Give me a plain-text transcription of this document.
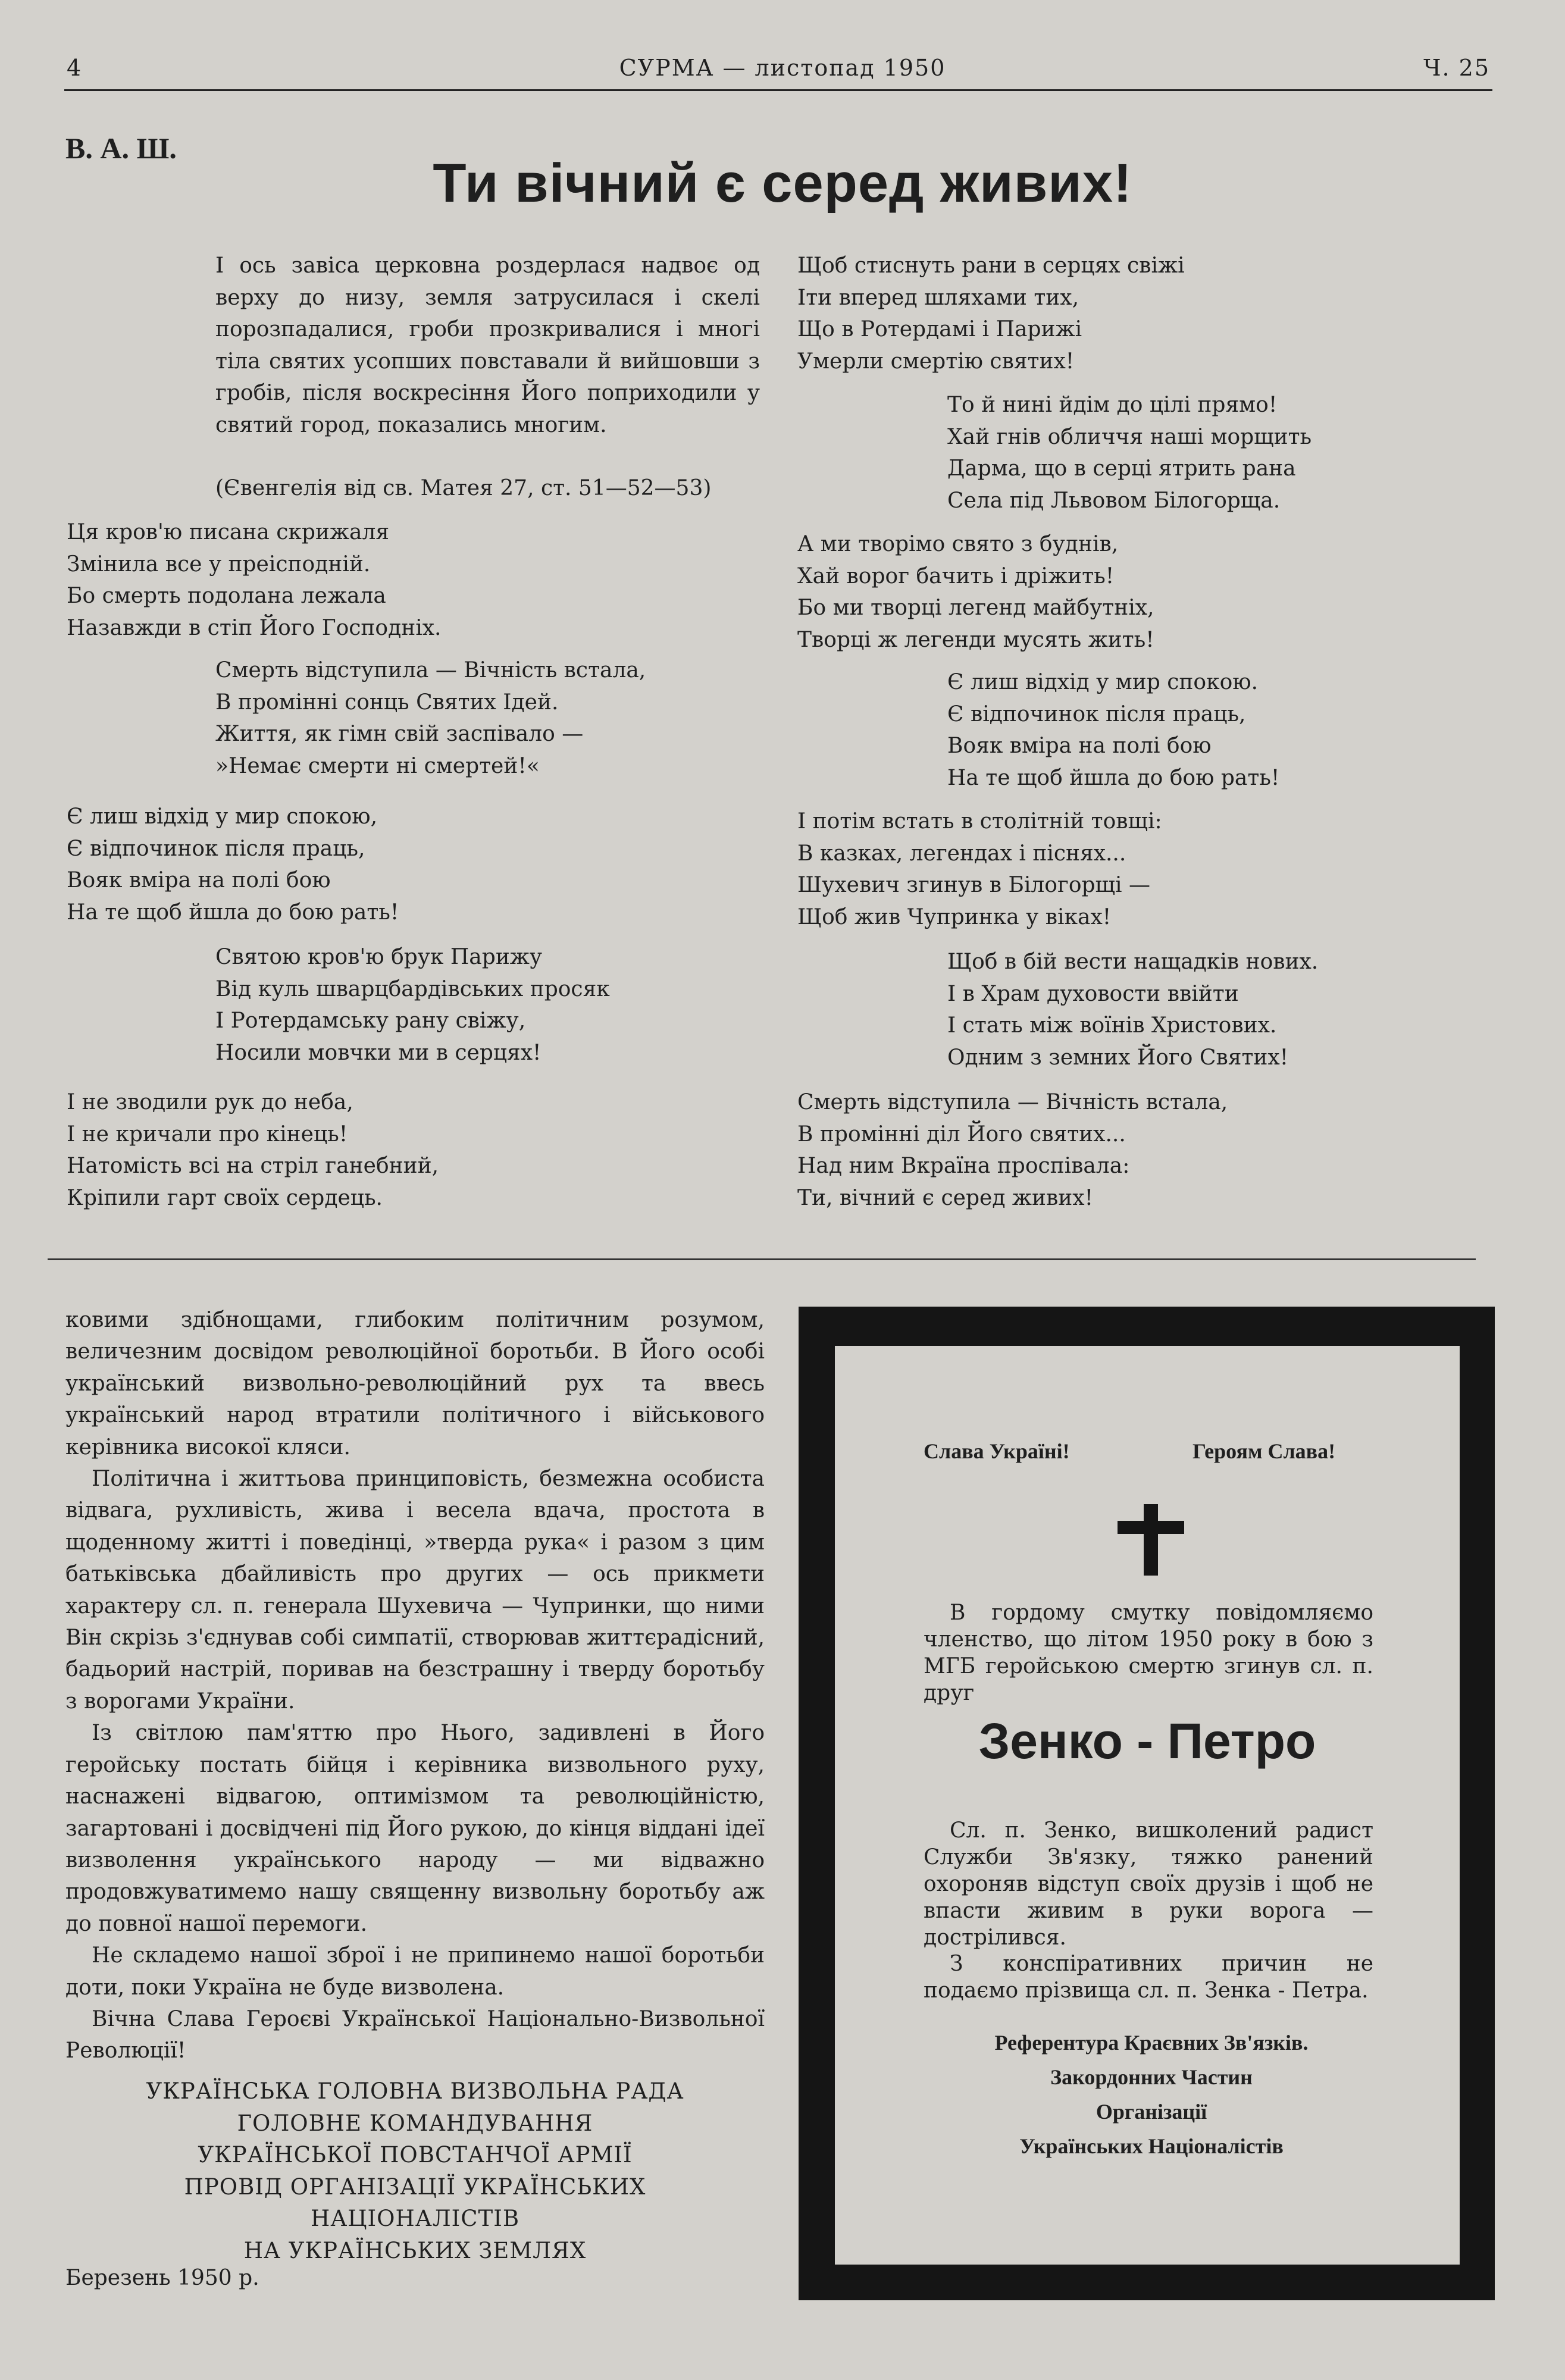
4	СУРМА — листопад 1950	Ч. 25
В. А. Ш.
Ти вічний є серед живих!
І ось завіса церковна роздерлася надвоє од верху до низу, земля затрусилася і скелі порозпадалися, гроби прозкривалися і многі тіла святих усопших повставали й вийшовши з гробів, після воскресіння Його поприходили у святий город, показались многим.
(Євенгелія від св. Матея 27, ст. 51—52—53)
Ця кров'ю писана скрижаля
Змінила все у преісподній.
Бо смерть подолана лежала
Назавжди в стіп Його Господніх.
Смерть відступила — Вічність встала,
В промінні сонць Святих Ідей.
Життя, як гімн свій заспівало —
»Немає смерти ні смертей!«
Є лиш відхід у мир спокою,
Є відпочинок після праць,
Вояк вміра на полі бою
На те щоб йшла до бою рать!
Святою кров'ю брук Парижу
Від куль шварцбардівських просяк
І Ротердамську рану свіжу,
Носили мовчки ми в серцях!
І не зводили рук до неба,
І не кричали про кінець!
Натомість всі на стріл ганебний,
Кріпили гарт своїх сердець.
Щоб стиснуть рани в серцях свіжі
Іти вперед шляхами тих,
Що в Ротердамі і Парижі
Умерли смертію святих!
То й нині йдім до цілі прямо!
Хай гнів обличчя наші морщить
Дарма, що в серці ятрить рана
Села під Львовом Білогорща.
А ми творімо свято з буднів,
Хай ворог бачить і дріжить!
Бо ми творці легенд майбутніх,
Творці ж легенди мусять жить!
Є лиш відхід у мир спокою.
Є відпочинок після праць,
Вояк вміра на полі бою
На те щоб йшла до бою рать!
І потім встать в столітній товщі:
В казках, легендах і піснях...
Шухевич згинув в Білогорщі —
Щоб жив Чупринка у віках!
Щоб в бій вести нащадків нових.
І в Храм духовости ввійти
І стать між воїнів Христових.
Одним з земних Його Святих!
Смерть відступила — Вічність встала,
В промінні діл Його святих...
Над ним Вкраїна проспівала:
Ти, вічний є серед живих!

ковими здібнощами, глибоким політичним розумом, величезним досвідом революційної боротьби. В Його особі український визвольно-революційний рух та ввесь український народ втратили політичного і військового керівника високої кляси.

Політична і життьова принциповість, безмежна особиста відвага, рухливість, жива і весела вдача, простота в щоденному житті і поведінці, »тверда рука« і разом з цим батьківська дбайливість про других — ось прикмети характеру сл. п. генерала Шухевича — Чупринки, що ними Він скрізь з'єднував собі симпатії, створював життєрадісний, бадьорий настрій, поривав на безстрашну і тверду боротьбу з ворогами України.

Із світлою пам'яттю про Нього, задивлені в Його геройську постать бійця і керівника визвольного руху, наснажені відвагою, оптимізмом та революційністю, загартовані і досвідчені під Його рукою, до кінця віддані ідеї визволення українського народу — ми відважно продовжуватимемо нашу священну визвольну боротьбу аж до повної нашої перемоги.

Не складемо нашої зброї і не припинемо нашої боротьби доти, поки Україна не буде визволена.

Вічна Слава Героєві Української Національно-Визвольної Революції!

УКРАЇНСЬКА ГОЛОВНА ВИЗВОЛЬНА РАДА
ГОЛОВНЕ КОМАНДУВАННЯ
УКРАЇНСЬКОЇ ПОВСТАНЧОЇ АРМІЇ
ПРОВІД ОРГАНІЗАЦІЇ УКРАЇНСЬКИХ
НАЦІОНАЛІСТІВ
НА УКРАЇНСЬКИХ ЗЕМЛЯХ
Березень 1950 р.
Слава Україні!	Героям Слава!
В гордому смутку повідомляємо членство, що літом 1950 року в бою з МГБ геройською смертю згинув сл. п. друг
Зенко - Петро
Сл. п. Зенко, вишколений радист Служби Зв'язку, тяжко ранений охороняв відступ своїх друзів і щоб не впасти живим в руки ворога — дострілився.
З конспіративних причин не подаємо прізвища сл. п. Зенка - Петра.
Референтура Краєвних Зв'язків.
Закордонних Частин
Організації
Українських Націоналістів
